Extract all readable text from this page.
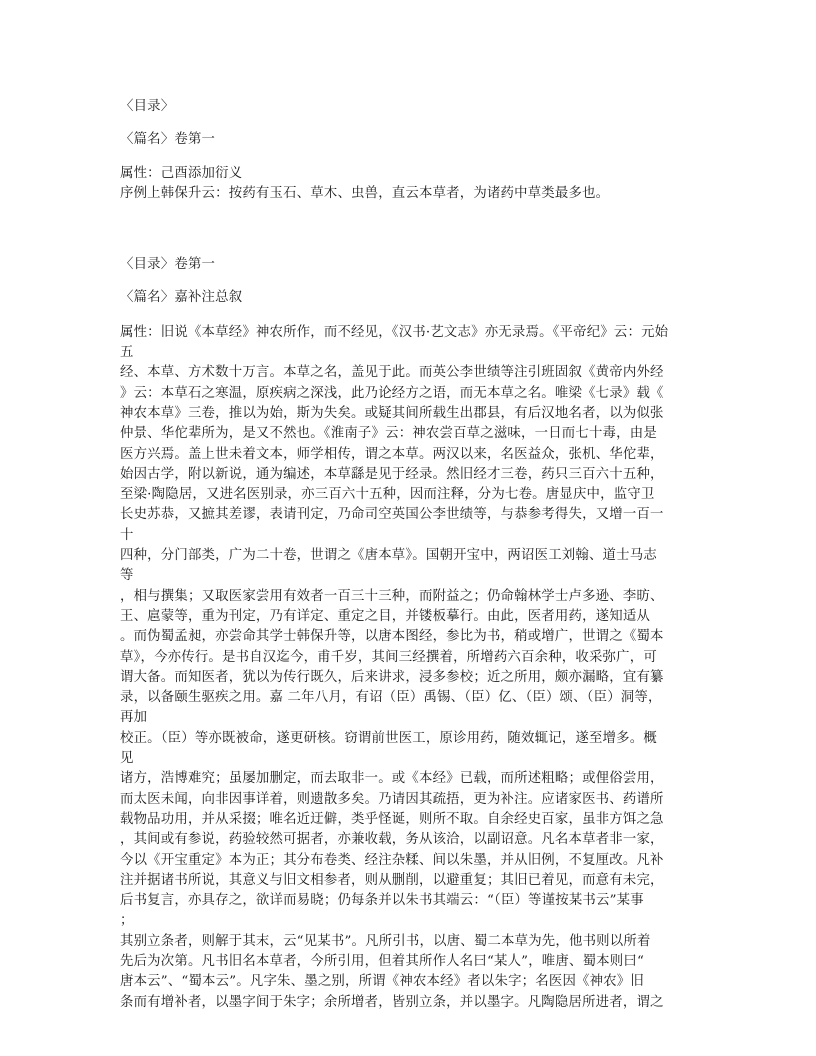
〈目录〉
〈篇名〉卷第一
属性：己酉添加衍义
序例上韩保升云：按药有玉石、草木、虫兽，直云本草者，为诸药中草类最多也。
〈目录〉卷第一
〈篇名〉嘉补注总叙
属性：旧说《本草经》神农所作，而不经见，《汉书·艺文志》亦无录焉。《平帝纪》云：元始
五
经、本草、方术数十万言。本草之名，盖见于此。而英公李世绩等注引班固叙《黄帝内外经
》云：本草石之寒温，原疾病之深浅，此乃论经方之语，而无本草之名。唯梁《七录》载《
神农本草》三卷，推以为始，斯为失矣。或疑其间所载生出郡县，有后汉地名者，以为似张
仲景、华佗辈所为，是又不然也。《淮南子》云：神农尝百草之滋味，一日而七十毒，由是
医方兴焉。盖上世未着文本，师学相传，谓之本草。两汉以来，名医益众，张机、华佗辈，
始因古学，附以新说，通为编述，本草繇是见于经录。然旧经才三卷，药只三百六十五种，
至梁·陶隐居，又进名医别录，亦三百六十五种，因而注释，分为七卷。唐显庆中，监守卫
长史苏恭，又摭其差谬，表请刊定，乃命司空英国公李世绩等，与恭参考得失，又增一百一
十
四种，分门部类，广为二十卷，世谓之《唐本草》。国朝开宝中，两诏医工刘翰、道士马志
等
，相与撰集；又取医家尝用有效者一百三十三种，而附益之；仍命翰林学士卢多逊、李昉、
王、扈蒙等，重为刊定，乃有详定、重定之目，并镂板摹行。由此，医者用药，遂知适从
。而伪蜀孟昶，亦尝命其学士韩保升等，以唐本图经，参比为书，稍或增广，世谓之《蜀本
草》，今亦传行。是书自汉迄今，甫千岁，其间三经撰着，所增药六百余种，收采弥广，可
谓大备。而知医者，犹以为传行既久，后来讲求，浸多参校；近之所用，颇亦漏略，宜有纂
录，以备颐生驱疾之用。嘉 二年八月，有诏（臣）禹锡、（臣）亿、（臣）颂、（臣）洞等，
再加
校正。（臣）等亦既被命，遂更研核。窃谓前世医工，原诊用药，随效辄记，遂至增多。概
见
诸方，浩博难究；虽屡加删定，而去取非一。或《本经》已载，而所述粗略；或俚俗尝用，
而太医未闻，向非因事详着，则遗散多矣。乃请因其疏捂，更为补注。应诸家医书、药谱所
载物品功用，并从采掇；唯名近迂僻，类乎怪诞，则所不取。自余经史百家，虽非方饵之急
，其间或有参说，药验较然可据者，亦兼收载，务从该洽，以副诏意。凡名本草者非一家，
今以《开宝重定》本为正；其分布卷类、经注杂糅、间以朱墨，并从旧例，不复厘改。凡补
注并据诸书所说，其意义与旧文相参者，则从删削，以避重复；其旧已着见，而意有未完，
后书复言，亦具存之，欲详而易晓；仍每条并以朱书其端云：“（臣）等谨按某书云”某事
；
其别立条者，则解于其末，云“见某书”。凡所引书，以唐、蜀二本草为先，他书则以所着
先后为次第。凡书旧名本草者，今所引用，但着其所作人名曰“某人”，唯唐、蜀本则曰“
唐本云”、“蜀本云”。凡字朱、墨之别，所谓《神农本经》者以朱字；名医因《神农》旧
条而有增补者，以墨字间于朱字；余所增者，皆别立条，并以墨字。凡陶隐居所进者，谓之
